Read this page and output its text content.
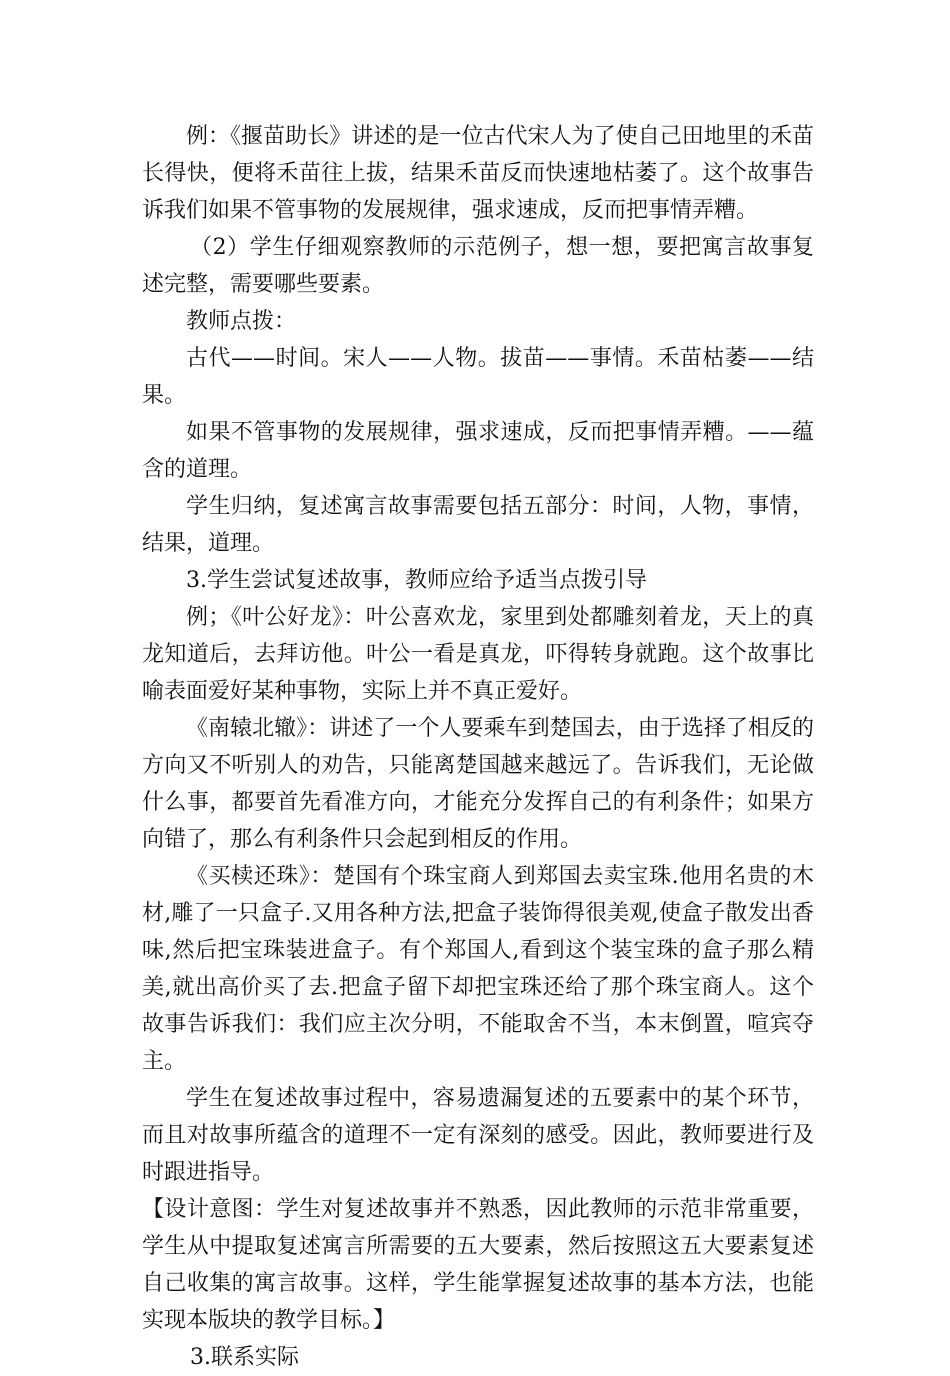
例：《揠苗助长》讲述的是一位古代宋人为了使自己田地里的禾苗长得快，便将禾苗往上拔，结果禾苗反而快速地枯萎了。这个故事告诉我们如果不管事物的发展规律，强求速成，反而把事情弄糟。

（2）学生仔细观察教师的示范例子，想一想，要把寓言故事复述完整，需要哪些要素。

教师点拨：

古代——时间。宋人——人物。拔苗——事情。禾苗枯萎——结果。

如果不管事物的发展规律，强求速成，反而把事情弄糟。——蕴含的道理。

学生归纳，复述寓言故事需要包括五部分：时间，人物，事情，结果，道理。

3.学生尝试复述故事，教师应给予适当点拨引导

例；《叶公好龙》：叶公喜欢龙，家里到处都雕刻着龙，天上的真龙知道后，去拜访他。叶公一看是真龙，吓得转身就跑。这个故事比喻表面爱好某种事物，实际上并不真正爱好。

《南辕北辙》：讲述了一个人要乘车到楚国去，由于选择了相反的方向又不听别人的劝告，只能离楚国越来越远了。告诉我们，无论做什么事，都要首先看准方向，才能充分发挥自己的有利条件；如果方向错了，那么有利条件只会起到相反的作用。

《买椟还珠》：楚国有个珠宝商人到郑国去卖宝珠.他用名贵的木材,雕了一只盒子.又用各种方法,把盒子装饰得很美观,使盒子散发出香味,然后把宝珠装进盒子。有个郑国人,看到这个装宝珠的盒子那么精美,就出高价买了去.把盒子留下却把宝珠还给了那个珠宝商人。这个故事告诉我们：我们应主次分明，不能取舍不当，本末倒置，喧宾夺主。

学生在复述故事过程中，容易遗漏复述的五要素中的某个环节，而且对故事所蕴含的道理不一定有深刻的感受。因此，教师要进行及时跟进指导。

【设计意图：学生对复述故事并不熟悉，因此教师的示范非常重要，学生从中提取复述寓言所需要的五大要素，然后按照这五大要素复述自己收集的寓言故事。这样，学生能掌握复述故事的基本方法，也能实现本版块的教学目标。】

3.联系实际
